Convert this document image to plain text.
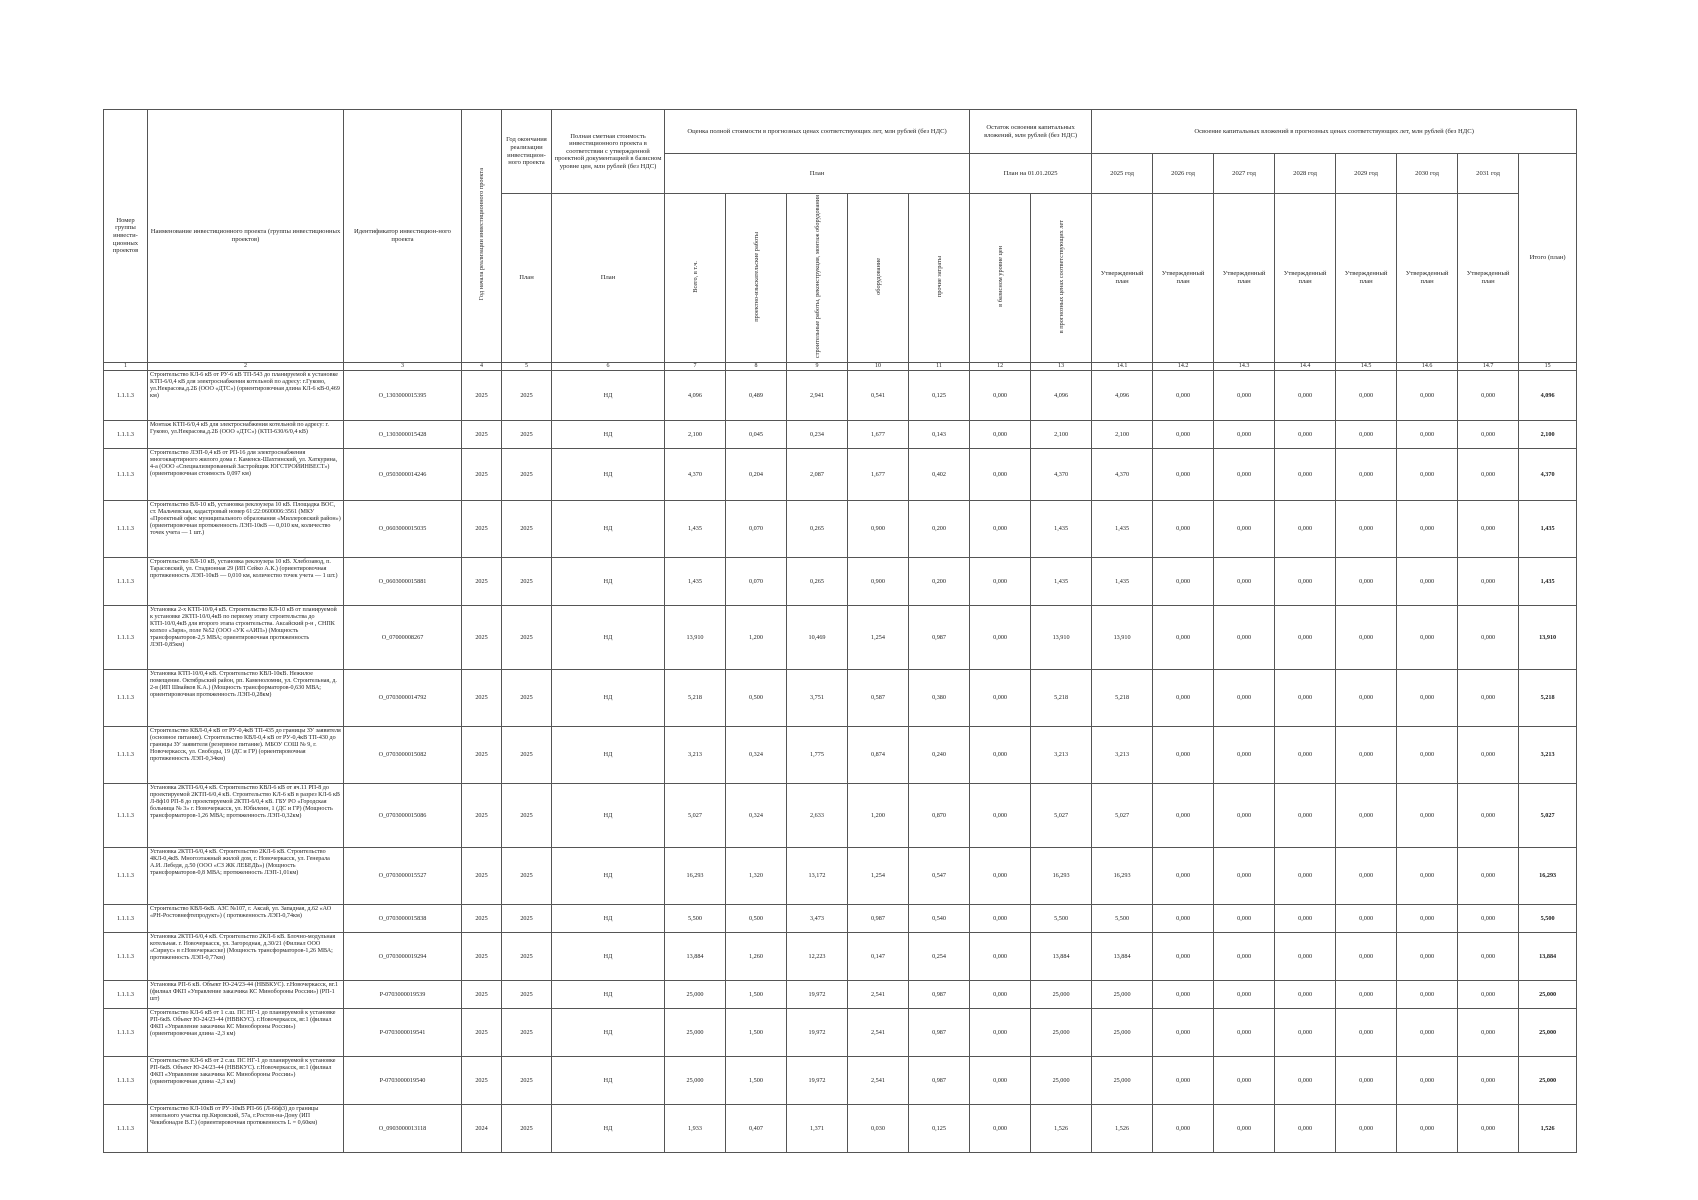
Номер группы инвести-ционных проектов	Наименование инвестиционного проекта (группы инвестиционных проектов)	Идентификатор инвестицион-ного проекта	Год начала реализации инвестиционного проекта	Год окончания реализации инвестицион-ного проекта	Полная сметная стоимость инвестиционного проекта в соответствии с утвержденной проектной документацией в базисном уровне цен, млн рублей (без НДС)	Оценка полной стоимости в прогнозных ценах соответствующих лет, млн рублей (без НДС)					Остаток освоения капитальных вложений, млн рублей (без НДС)		Освоение капитальных вложений в прогнозных ценах соответствующих лет, млн рублей (без НДС)							
						План					План на 01.01.2025		2025 год	2026 год	2027 год	2028 год	2029 год	2030 год	2031 год	Итого (план)
				План	План	Всего, в т.ч.	проектно-изыскательские работы	строительные работы, реконструкция, монтаж оборудования	оборудование	прочие затраты	в базисном уровне цен	в прогнозных ценах соответствующих лет	Утвержденный план	Утвержденный план	Утвержденный план	Утвержденный план	Утвержденный план	Утвержденный план	Утвержденный план	
1	2	3	4	5	6	7	8	9	10	11	12	13	14.1	14.2	14.3	14.4	14.5	14.6	14.7	15
1.1.1.3	Строительство КЛ-6 кВ от РУ-6 кВ ТП-543 до планируемой к установке КТП-6/0,4 кВ для электроснабжения котельной по адресу: г.Гуково, ул.Некрасова,д.2Б (ООО «ДТС») (ориентировочная длина КЛ-6 кВ-0,469 км)	О_1303000015395	2025	2025	НД	4,096	0,489	2,941	0,541	0,125	0,000	4,096	4,096	0,000	0,000	0,000	0,000	0,000	0,000	4,096
1.1.1.3	Монтаж КТП-6/0,4 кВ для электроснабжения котельной по адресу: г. Гуково, ул.Некрасова,д.2Б (ООО «ДТС») (КТП-630/6/0,4 кВ)	О_1303000015428	2025	2025	НД	2,100	0,045	0,234	1,677	0,143	0,000	2,100	2,100	0,000	0,000	0,000	0,000	0,000	0,000	2,100
1.1.1.3	Строительство ЛЭП-0,4 кВ от РП-16 для электроснабжения многоквартирного жилого дома г. Каменск-Шахтинский, ул. Хаткурина, 4-а (ООО «Специализированный Застройщик ЮГСТРОЙИНВЕСТ») (ориентировочная стоимость 0,097 км)	О_0503000014246	2025	2025	НД	4,370	0,204	2,087	1,677	0,402	0,000	4,370	4,370	0,000	0,000	0,000	0,000	0,000	0,000	4,370
1.1.1.3	Строительство ВЛ-10 кВ, установка реклоузера 10 кВ. Площадка ВОС, ст. Мальчевская, кадастровый номер 61:22:0600006:3561 (МКУ «Проектный офис муниципального образования «Миллеровский район»)(ориентировочная протяженность ЛЭП-10кВ — 0,010 км, количество точек учета — 1 шт.)	О_0603000015035	2025	2025	НД	1,435	0,070	0,265	0,900	0,200	0,000	1,435	1,435	0,000	0,000	0,000	0,000	0,000	0,000	1,435
1.1.1.3	Строительство ВЛ-10 кВ, установка реклоузера 10 кВ. Хлебозавод, п. Тарасовский, ул. Стадионная 29 (ИП Сейко А.К.) (ориентировочная протяженность ЛЭП-10кВ — 0,010 км, количество точек учета — 1 шт.)	О_0603000015881	2025	2025	НД	1,435	0,070	0,265	0,900	0,200	0,000	1,435	1,435	0,000	0,000	0,000	0,000	0,000	0,000	1,435
1.1.1.3	Установка 2-х КТП-10/0,4 кВ. Строительство КЛ-10 кВ от планируемой к установке 2КТП-10/0,4кВ по первому этапу строительства до КТП-10/0,4кВ для второго этапа строительства. Аксайский р-н , СНПК колхоз «Заря», поле №52 (ООО «УК «АИП») (Мощность трансформаторов-2,5 МВА; ориентировочная протяженность ЛЭП-0,85км)	О_07000008267	2025	2025	НД	13,910	1,200	10,469	1,254	0,987	0,000	13,910	13,910	0,000	0,000	0,000	0,000	0,000	0,000	13,910
1.1.1.3	Установка КТП-10/0,4 кВ. Строительство КВЛ-10кВ. Нежилое помещение. Октябрьский район, рп. Каменоломни, ул. Строительная, д. 2-в (ИП Швайков К.А.) (Мощность трансформаторов-0,630 МВА; ориентировочная протяженность ЛЭП-0,28км)	О_0703000014792	2025	2025	НД	5,218	0,500	3,751	0,587	0,380	0,000	5,218	5,218	0,000	0,000	0,000	0,000	0,000	0,000	5,218
1.1.1.3	Строительство КВЛ-0,4 кВ от РУ-0,4кВ ТП-435 до границы ЗУ заявителя (основное питание). Строительство КВЛ-0,4 кВ от РУ-0,4кВ ТП-430 до границы ЗУ заявителя (резервное питание). МБОУ СОШ № 9, г. Новочеркасск, ул. Свободы, 19 (ДС и ГР) (ориентировочная протяженность ЛЭП-0,34км)	О_0703000015082	2025	2025	НД	3,213	0,324	1,775	0,874	0,240	0,000	3,213	3,213	0,000	0,000	0,000	0,000	0,000	0,000	3,213
1.1.1.3	Установка 2КТП-6/0,4 кВ. Строительство КВЛ-6 кВ от яч.11 РП-8 до проектируемой 2КТП-6/0,4 кВ. Строительство КЛ-6 кВ в разрез КЛ-6 кВ Л-8ф10 РП-8 до проектируемой 2КТП-6/0,4 кВ. ГБУ РО «Городская больница № 3» г. Новочеркасск, ул. Юбилеин, 1 (ДС и ГР) (Мощность трансформаторов-1,26 МВА; протяженность ЛЭП-0,32км)	О_0703000015086	2025	2025	НД	5,027	0,324	2,633	1,200	0,870	0,000	5,027	5,027	0,000	0,000	0,000	0,000	0,000	0,000	5,027
1.1.1.3	Установка 2КТП-6/0,4 кВ. Строительство 2КЛ-6 кВ. Строительство 4КЛ-0,4кВ. Многоэтажный жилой дом, г. Новочеркасск, ул. Генерала А.И. Лебедя, д.50 (ООО «СЗ ЖК ЛЕБЕДЬ») (Мощность трансформаторов-0,8 МВА; протяженность ЛЭП-1,01км)	О_0703000015527	2025	2025	НД	16,293	1,320	13,172	1,254	0,547	0,000	16,293	16,293	0,000	0,000	0,000	0,000	0,000	0,000	16,293
1.1.1.3	Строительство КВЛ-6кВ. АЗС №107, г. Аксай, ул. Западная, д.62 «АО «РН-Ростовнефтепродукт») ( протяженность ЛЭП-0,74км)	О_0703000015838	2025	2025	НД	5,500	0,500	3,473	0,987	0,540	0,000	5,500	5,500	0,000	0,000	0,000	0,000	0,000	0,000	5,500
1.1.1.3	Установка 2КТП-6/0,4 кВ. Строительство 2КЛ-6 кВ. Блочно-модульная котельная. г. Новочеркасск, ул. Загородная, д.30/21 (Филиал ООО «Сириус» в г.Новочеркасске) (Мощность трансформаторов-1,26 МВА; протяженность ЛЭП-0,77км)	О_0703000019294	2025	2025	НД	13,884	1,260	12,223	0,147	0,254	0,000	13,884	13,884	0,000	0,000	0,000	0,000	0,000	0,000	13,884
1.1.1.3	Установка РП-6 кВ. Объект Ю-24/23-44 (НВВКУС). г.Новочеркасск, вг.1 (филиал ФКП «Управление заказчика КС Минобороны России») (РП-1 шт)	Р-0703000019539	2025	2025	НД	25,000	1,500	19,972	2,541	0,987	0,000	25,000	25,000	0,000	0,000	0,000	0,000	0,000	0,000	25,000
1.1.1.3	Строительство КЛ-6 кВ от 1 с.ш. ПС НГ-1 до планируемой к установке РП-6кВ. Объект Ю-24/23-44 (НВВКУС). г.Новочеркасск, вг.1 (филиал ФКП «Управление заказчика КС Минобороны России») (ориентировочная длина -2,3 км)	Р-0703000019541	2025	2025	НД	25,000	1,500	19,972	2,541	0,987	0,000	25,000	25,000	0,000	0,000	0,000	0,000	0,000	0,000	25,000
1.1.1.3	Строительство КЛ-6 кВ от 2 с.ш. ПС НГ-1 до планируемой к установке РП-6кВ. Объект Ю-24/23-44 (НВВКУС). г.Новочеркасск, вг.1 (филиал ФКП «Управление заказчика КС Минобороны России») (ориентировочная длина -2,3 км)	Р-0703000019540	2025	2025	НД	25,000	1,500	19,972	2,541	0,987	0,000	25,000	25,000	0,000	0,000	0,000	0,000	0,000	0,000	25,000
1.1.1.3	Строительство КЛ-10кВ от РУ-10кВ РП-66 (Л-66ф3) до границы земельного участка пр.Кировский, 57а, г.Ростов-на-Дону (ИП Чекибонадзе В.Г.) (ориентировочная протяженность L = 0,60км)	О_0903000013118	2024	2025	НД	1,933	0,407	1,371	0,030	0,125	0,000	1,526	1,526	0,000	0,000	0,000	0,000	0,000	0,000	1,526
